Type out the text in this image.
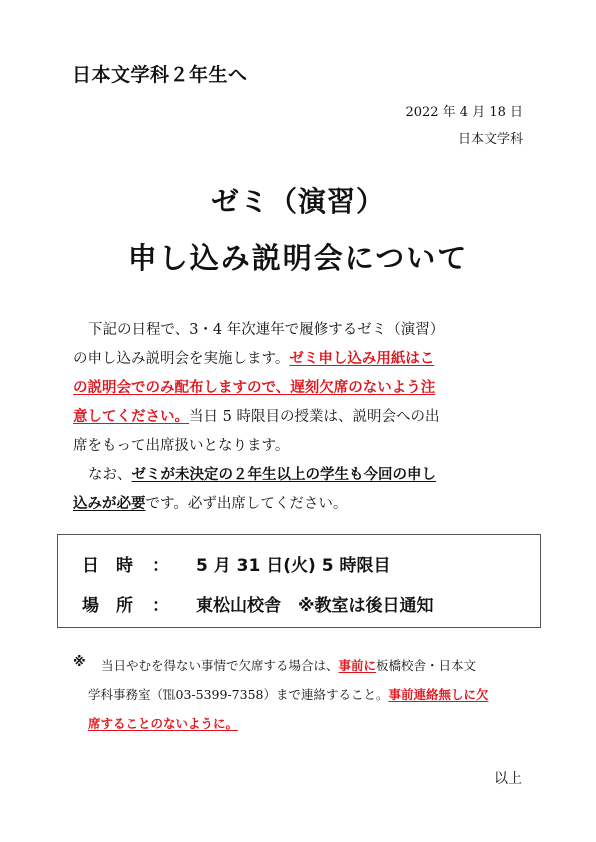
日本文学科２年生へ
2022 年 4 月 18 日
日本文学科
ゼミ（演習）
申し込み説明会について
下記の日程で、3・4 年次連年で履修するゼミ（演習）
の申し込み説明会を実施します。ゼミ申し込み用紙はこ
の説明会でのみ配布しますので、遅刻欠席のないよう注
意してください。当日 5 時限目の授業は、説明会への出
席をもって出席扱いとなります。
なお、ゼミが未決定の２年生以上の学生も今回の申し
込みが必要です。必ず出席してください。
日　時 ： 5 月 31 日(火) 5 時限目
場　所 ： 東松山校舎　※教室は後日通知
※ 当日やむを得ない事情で欠席する場合は、事前に板橋校舎・日本文
学科事務室（℡03-5399-7358）まで連絡すること。事前連絡無しに欠
席することのないように。
以上
